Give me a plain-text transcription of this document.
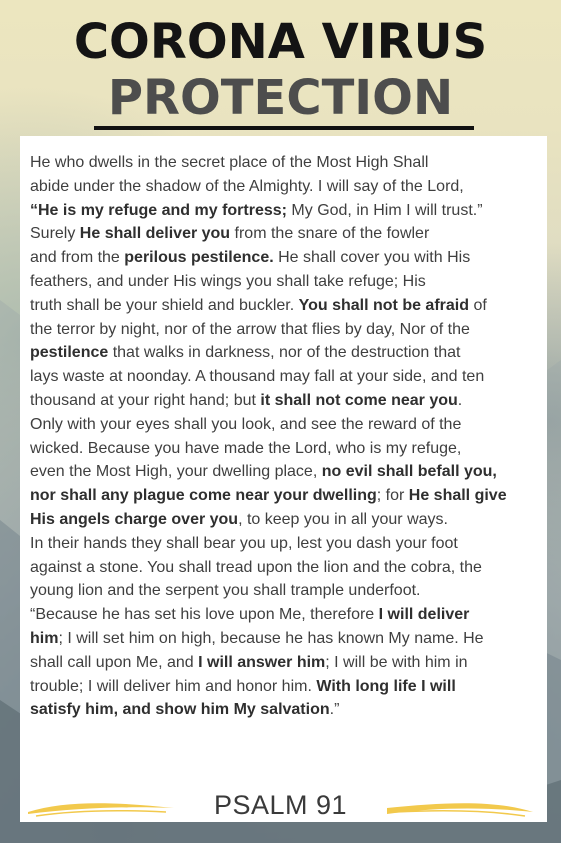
CORONA VIRUS
PROTECTION
He who dwells in the secret place of the Most High Shall
abide under the shadow of the Almighty. I will say of the Lord,
“He is my refuge and my fortress; My God, in Him I will trust.”
Surely He shall deliver you from the snare of the fowler
and from the perilous pestilence. He shall cover you with His
feathers, and under His wings you shall take refuge; His
truth shall be your shield and buckler. You shall not be afraid of
the terror by night, nor of the arrow that flies by day, Nor of the
pestilence that walks in darkness, nor of the destruction that
lays waste at noonday. A thousand may fall at your side, and ten
thousand at your right hand; but it shall not come near you.
Only with your eyes shall you look, and see the reward of the
wicked. Because you have made the Lord, who is my refuge,
even the Most High, your dwelling place, no evil shall befall you,
nor shall any plague come near your dwelling; for He shall give
His angels charge over you, to keep you in all your ways.
In their hands they shall bear you up, lest you dash your foot
against a stone. You shall tread upon the lion and the cobra, the
young lion and the serpent you shall trample underfoot.
“Because he has set his love upon Me, therefore I will deliver
him; I will set him on high, because he has known My name. He
shall call upon Me, and I will answer him; I will be with him in
trouble; I will deliver him and honor him. With long life I will
satisfy him, and show him My salvation.”
PSALM 91
